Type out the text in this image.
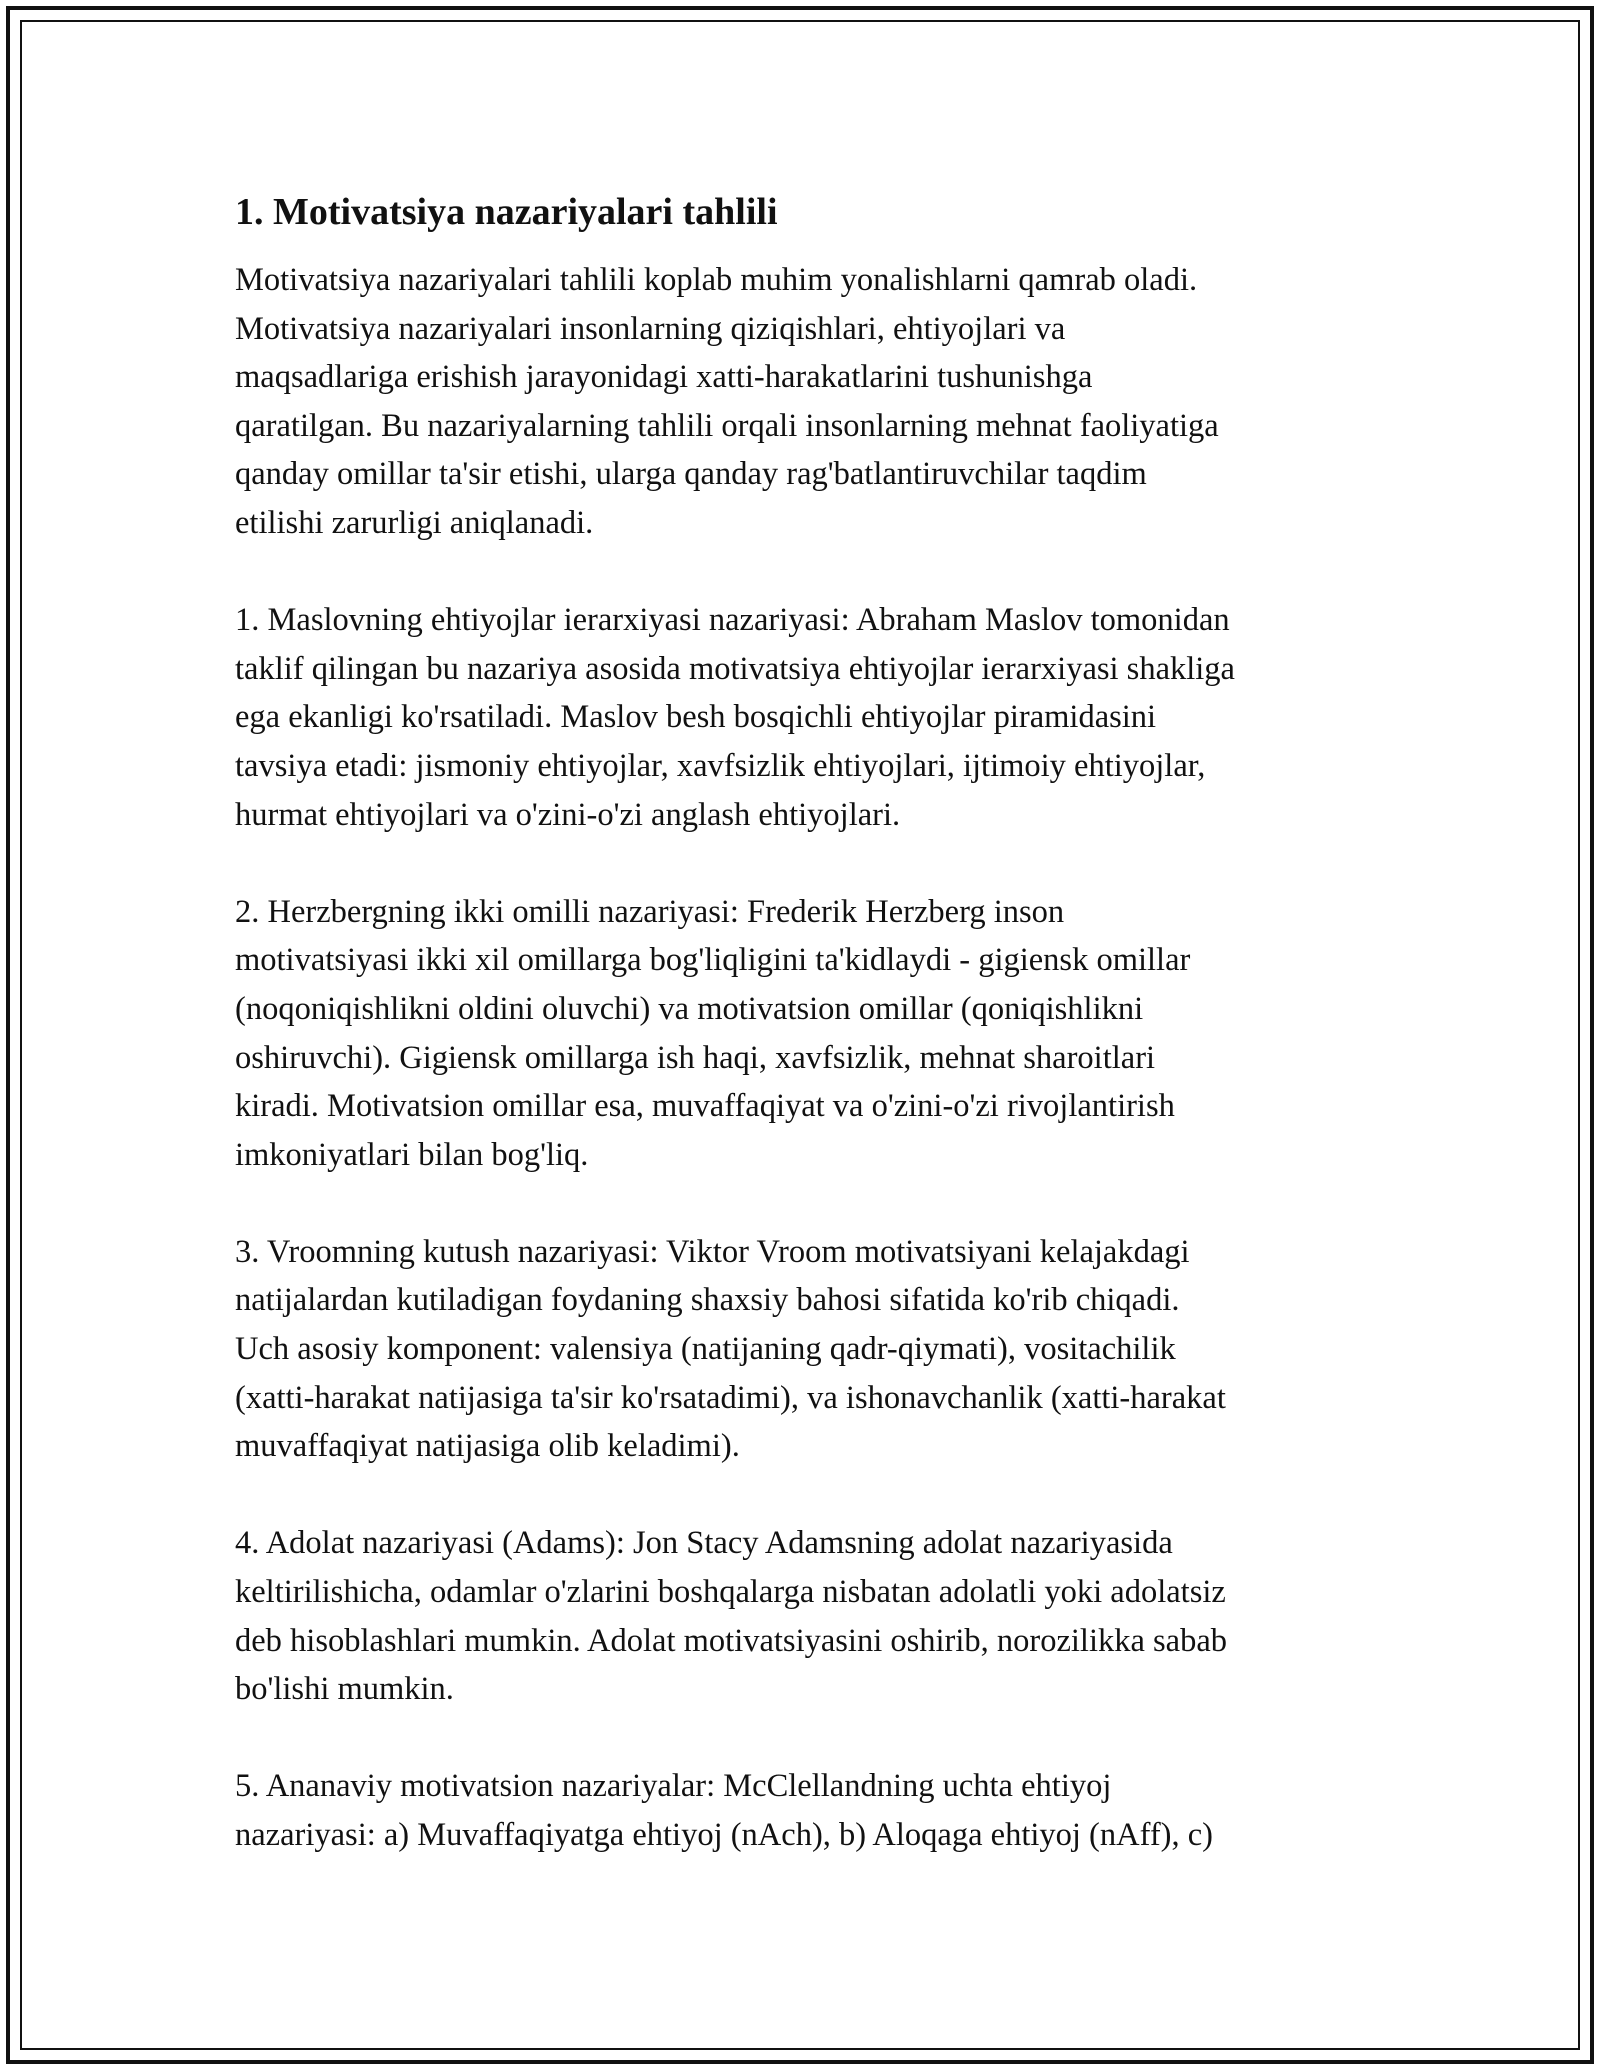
1. Motivatsiya nazariyalari tahlili

Motivatsiya nazariyalari tahlili koplab muhim yonalishlarni qamrab oladi.
Motivatsiya nazariyalari insonlarning qiziqishlari, ehtiyojlari va
maqsadlariga erishish jarayonidagi xatti-harakatlarini tushunishga
qaratilgan. Bu nazariyalarning tahlili orqali insonlarning mehnat faoliyatiga
qanday omillar ta'sir etishi, ularga qanday rag'batlantiruvchilar taqdim
etilishi zarurligi aniqlanadi.

1. Maslovning ehtiyojlar ierarxiyasi nazariyasi: Abraham Maslov tomonidan
taklif qilingan bu nazariya asosida motivatsiya ehtiyojlar ierarxiyasi shakliga
ega ekanligi ko'rsatiladi. Maslov besh bosqichli ehtiyojlar piramidasini
tavsiya etadi: jismoniy ehtiyojlar, xavfsizlik ehtiyojlari, ijtimoiy ehtiyojlar,
hurmat ehtiyojlari va o'zini-o'zi anglash ehtiyojlari.

2. Herzbergning ikki omilli nazariyasi: Frederik Herzberg inson
motivatsiyasi ikki xil omillarga bog'liqligini ta'kidlaydi - gigiensk omillar
(noqoniqishlikni oldini oluvchi) va motivatsion omillar (qoniqishlikni
oshiruvchi). Gigiensk omillarga ish haqi, xavfsizlik, mehnat sharoitlari
kiradi. Motivatsion omillar esa, muvaffaqiyat va o'zini-o'zi rivojlantirish
imkoniyatlari bilan bog'liq.

3. Vroomning kutush nazariyasi: Viktor Vroom motivatsiyani kelajakdagi
natijalardan kutiladigan foydaning shaxsiy bahosi sifatida ko'rib chiqadi.
Uch asosiy komponent: valensiya (natijaning qadr-qiymati), vositachilik
(xatti-harakat natijasiga ta'sir ko'rsatadimi), va ishonavchanlik (xatti-harakat
muvaffaqiyat natijasiga olib keladimi).

4. Adolat nazariyasi (Adams): Jon Stacy Adamsning adolat nazariyasida
keltirilishicha, odamlar o'zlarini boshqalarga nisbatan adolatli yoki adolatsiz
deb hisoblashlari mumkin. Adolat motivatsiyasini oshirib, norozilikka sabab
bo'lishi mumkin.

5. Ananaviy motivatsion nazariyalar: McClellandning uchta ehtiyoj
nazariyasi: a) Muvaffaqiyatga ehtiyoj (nAch), b) Aloqaga ehtiyoj (nAff), c)
